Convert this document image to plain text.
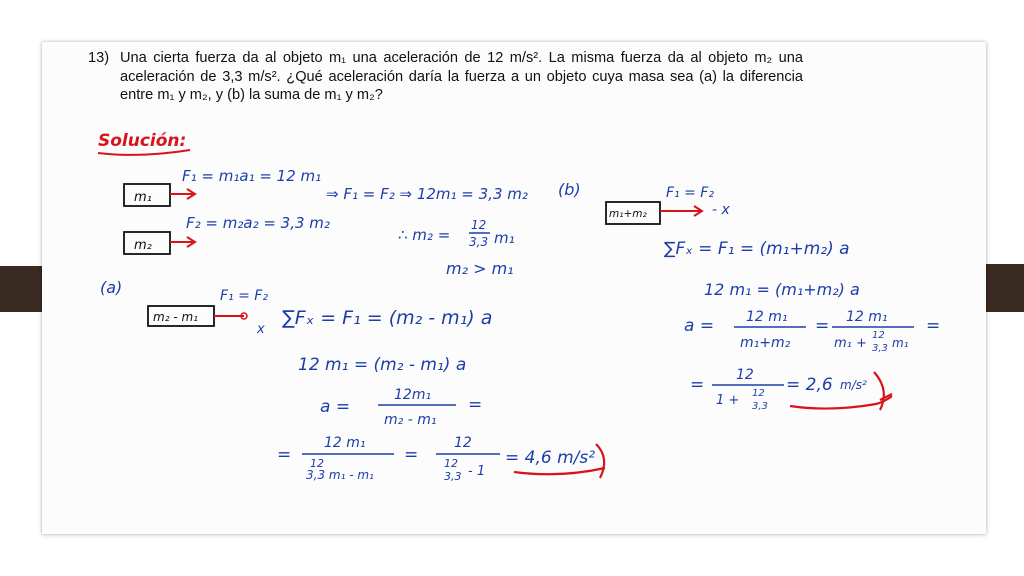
13) Una cierta fuerza da al objeto m₁ una aceleración de 12 m/s². La misma fuerza da al objeto m₂ una aceleración de 3,3 m/s². ¿Qué aceleración daría la fuerza a un objeto cuya masa sea (a) la diferencia entre m₁ y m₂, y (b) la suma de m₁ y m₂?
Solución:
m₁
F₁ = m₁a₁ = 12 m₁
m₂
F₂ = m₂a₂ = 3,3 m₂
⇒ F₁ = F₂ ⇒ 12m₁ = 3,3 m₂
∴ m₂ =
12
3,3 m₁
m₂ > m₁
(a)
m₂ - m₁
F₁ = F₂
x
∑Fₓ = F₁ = (m₂ - m₁) a
12 m₁ = (m₂ - m₁) a
a =
12m₁
m₂ - m₁
=
=
12 m₁
12
3,3 m₁ - m₁
=
12
12
3,3 - 1
= 4,6 m/s²
(b)
m₁+m₂
F₁ = F₂
- x
∑Fₓ = F₁ = (m₁+m₂) a
12 m₁ = (m₁+m₂) a
a = 12 m₁
m₁+m₂
= 12 m₁
m₁ +
12
3,3 m₁
=
= 12
1 + 12
3,3
= 2,6 m/s²
